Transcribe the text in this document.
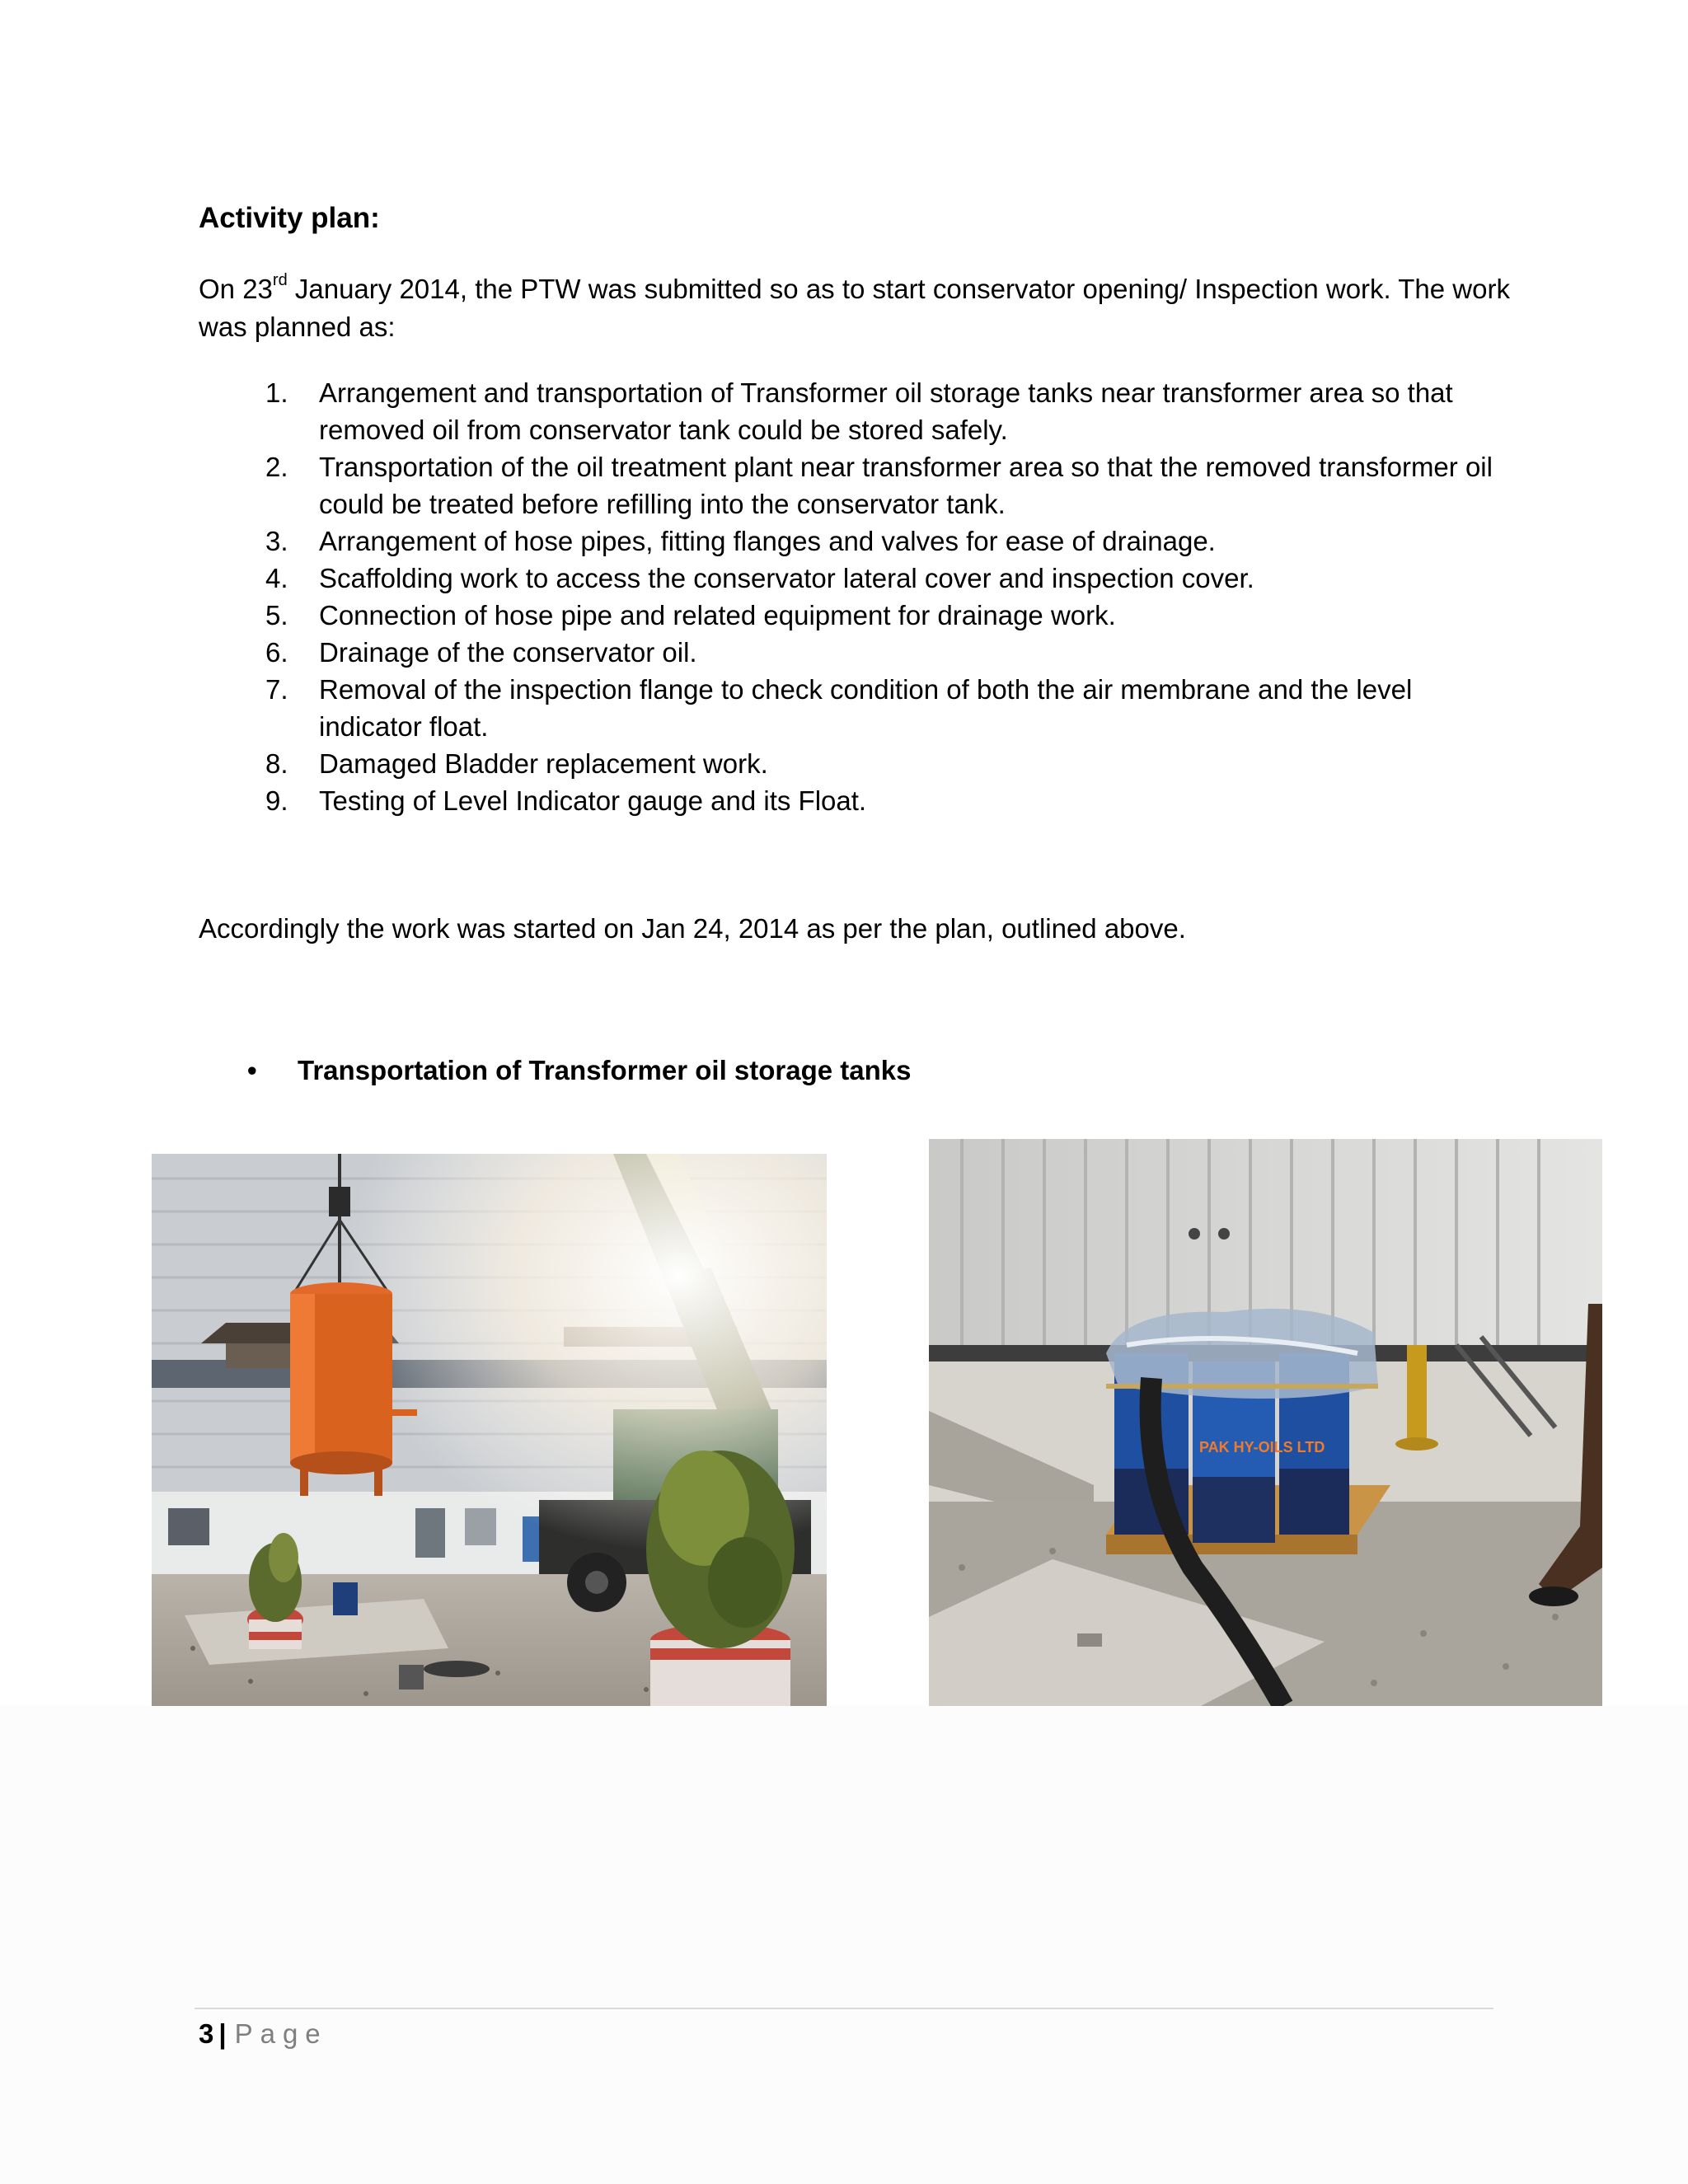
Activity plan:

On 23rd January 2014, the PTW was submitted so as to start conservator opening/ Inspection work. The work was planned as:

1. Arrangement and transportation of Transformer oil storage tanks near transformer area so that removed oil from conservator tank could be stored safely.
2. Transportation of the oil treatment plant near transformer area so that the removed transformer oil could be treated before refilling into the conservator tank.
3. Arrangement of hose pipes, fitting flanges and valves for ease of drainage.
4. Scaffolding work to access the conservator lateral cover and inspection cover.
5. Connection of hose pipe and related equipment for drainage work.
6. Drainage of the conservator oil.
7. Removal of the inspection flange to check condition of both the air membrane and the level indicator float.
8. Damaged Bladder replacement work.
9. Testing of Level Indicator gauge and its Float.

Accordingly the work was started on Jan 24, 2014 as per the plan, outlined above.

• Transportation of Transformer oil storage tanks
PAK HY-OILS LTD
3 | Page
